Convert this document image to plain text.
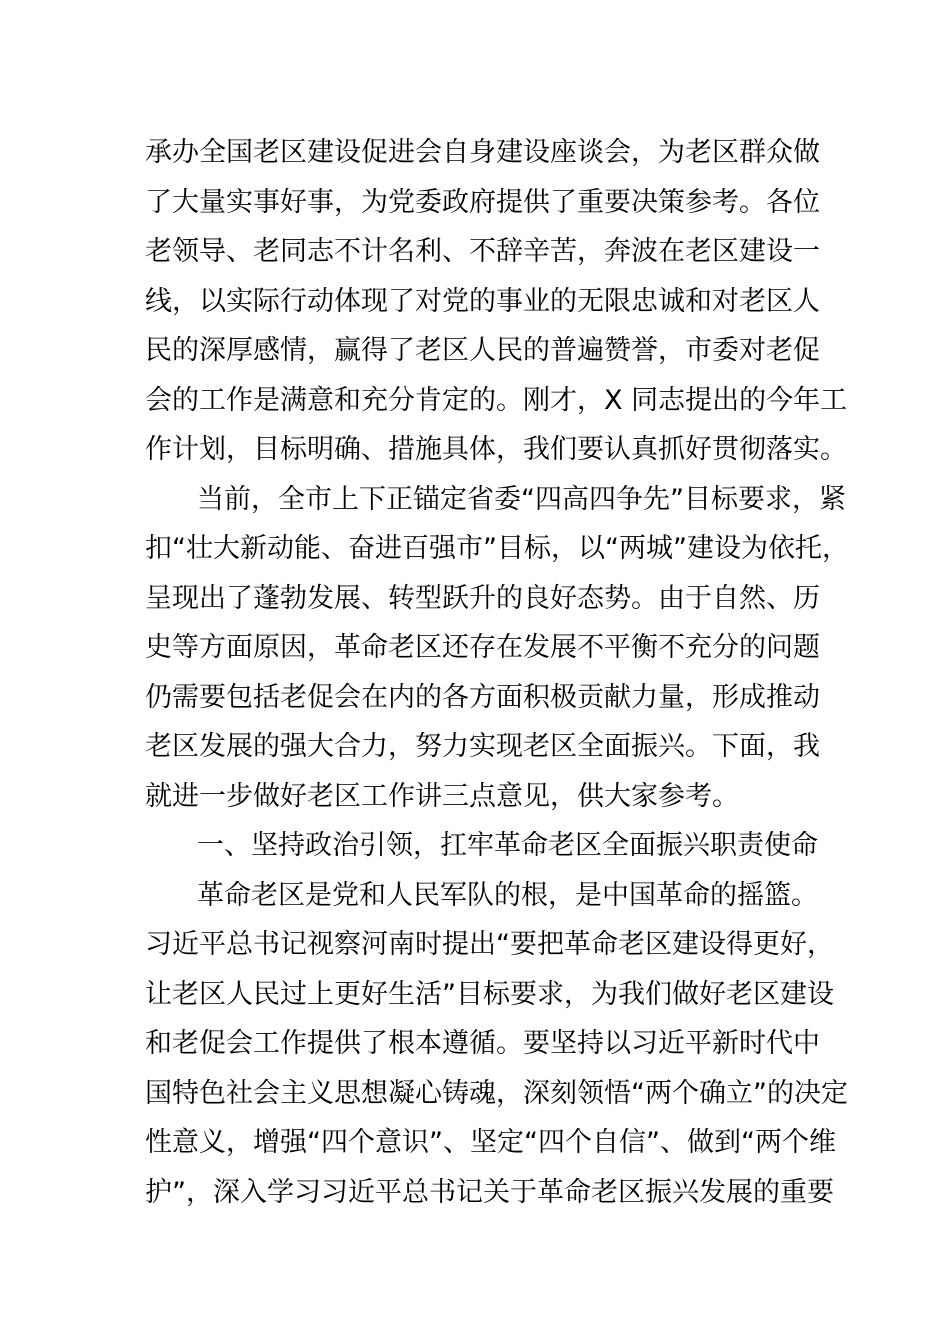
承办全国老区建设促进会自身建设座谈会，为老区群众做
了大量实事好事，为党委政府提供了重要决策参考。各位
老领导、老同志不计名利、不辞辛苦，奔波在老区建设一
线，以实际行动体现了对党的事业的无限忠诚和对老区人
民的深厚感情，赢得了老区人民的普遍赞誉，市委对老促
会的工作是满意和充分肯定的。刚才，X 同志提出的今年工
作计划，目标明确、措施具体，我们要认真抓好贯彻落实。
当前，全市上下正锚定省委“四高四争先”目标要求，紧
扣“壮大新动能、奋进百强市”目标，以“两城”建设为依托，
呈现出了蓬勃发展、转型跃升的良好态势。由于自然、历
史等方面原因，革命老区还存在发展不平衡不充分的问题
仍需要包括老促会在内的各方面积极贡献力量，形成推动
老区发展的强大合力，努力实现老区全面振兴。下面，我
就进一步做好老区工作讲三点意见，供大家参考。
一、坚持政治引领，扛牢革命老区全面振兴职责使命
革命老区是党和人民军队的根，是中国革命的摇篮。
习近平总书记视察河南时提出“要把革命老区建设得更好，
让老区人民过上更好生活”目标要求，为我们做好老区建设
和老促会工作提供了根本遵循。要坚持以习近平新时代中
国特色社会主义思想凝心铸魂，深刻领悟“两个确立”的决定
性意义，增强“四个意识”、坚定“四个自信”、做到“两个维
护”，深入学习习近平总书记关于革命老区振兴发展的重要
